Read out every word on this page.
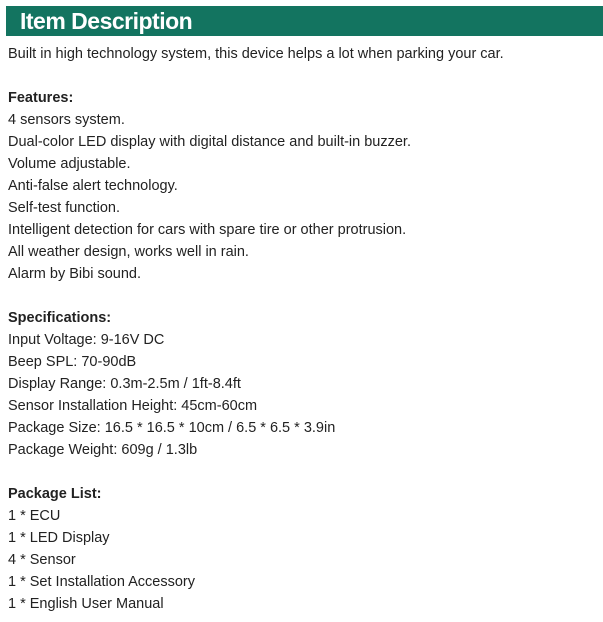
Item Description
Built in high technology system, this device helps a lot when parking your car.
Features:
4 sensors system.
Dual-color LED display with digital distance and built-in buzzer.
Volume adjustable.
Anti-false alert technology.
Self-test function.
Intelligent detection for cars with spare tire or other protrusion.
All weather design, works well in rain.
Alarm by Bibi sound.
Specifications:
Input Voltage: 9-16V DC
Beep SPL: 70-90dB
Display Range: 0.3m-2.5m / 1ft-8.4ft
Sensor Installation Height: 45cm-60cm
Package Size: 16.5 * 16.5 * 10cm / 6.5 * 6.5 * 3.9in
Package Weight: 609g / 1.3lb
Package List:
1 * ECU
1 * LED Display
4 * Sensor
1 * Set Installation Accessory
1 * English User Manual
